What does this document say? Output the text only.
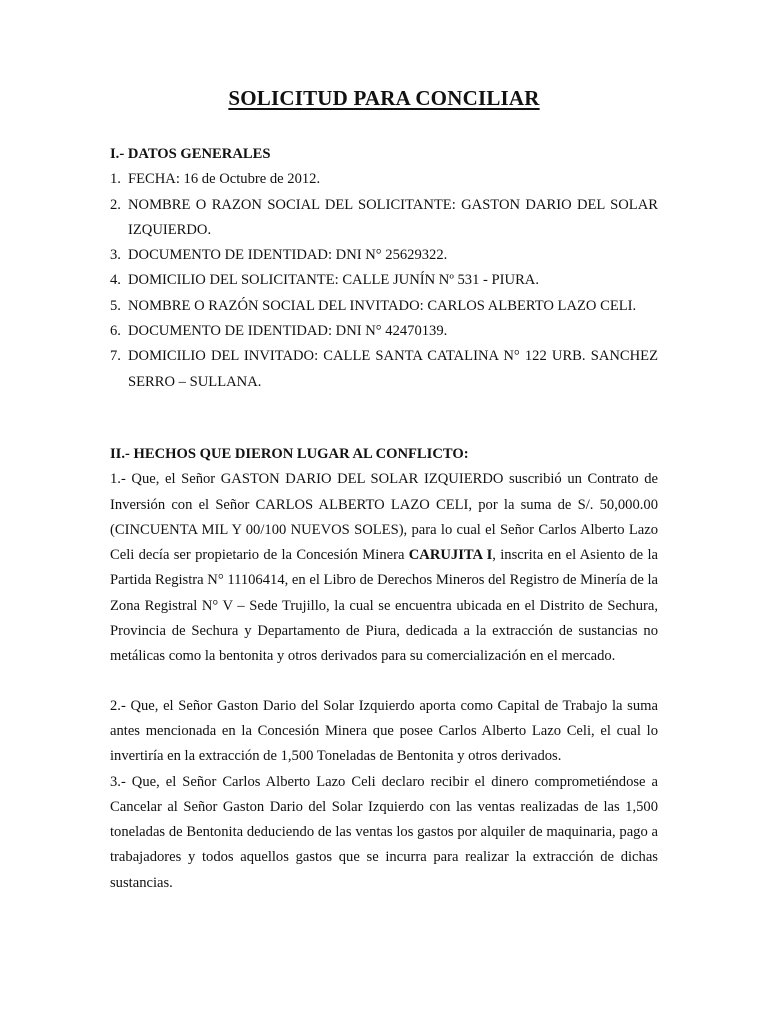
SOLICITUD PARA CONCILIAR

I.- DATOS GENERALES

1. FECHA: 16 de Octubre de 2012.
2. NOMBRE O RAZON SOCIAL DEL SOLICITANTE: GASTON DARIO DEL SOLAR IZQUIERDO.
3. DOCUMENTO DE IDENTIDAD: DNI N° 25629322.
4. DOMICILIO DEL SOLICITANTE: CALLE JUNÍN Nº 531 - PIURA.
5. NOMBRE O RAZÓN SOCIAL DEL INVITADO: CARLOS ALBERTO LAZO CELI.
6. DOCUMENTO DE IDENTIDAD: DNI N° 42470139.
7. DOMICILIO DEL INVITADO: CALLE SANTA CATALINA N° 122 URB. SANCHEZ SERRO – SULLANA.

II.- HECHOS QUE DIERON LUGAR AL CONFLICTO:

1.- Que, el Señor GASTON DARIO DEL SOLAR IZQUIERDO suscribió un Contrato de Inversión con el Señor CARLOS ALBERTO LAZO CELI, por la suma de S/. 50,000.00 (CINCUENTA MIL Y 00/100 NUEVOS SOLES), para lo cual el Señor Carlos Alberto Lazo Celi decía ser propietario de la Concesión Minera CARUJITA I, inscrita en el Asiento de la Partida Registra N° 11106414, en el Libro de Derechos Mineros del Registro de Minería de la Zona Registral N° V – Sede Trujillo, la cual se encuentra ubicada en el Distrito de Sechura, Provincia de Sechura y Departamento de Piura, dedicada a la extracción de sustancias no metálicas como la bentonita y otros derivados para su comercialización en el mercado.

2.- Que, el Señor Gaston Dario del Solar Izquierdo aporta como Capital de Trabajo la suma antes mencionada en la Concesión Minera que posee Carlos Alberto Lazo Celi, el cual lo invertiría en la extracción de 1,500 Toneladas de Bentonita y otros derivados.

3.- Que, el Señor Carlos Alberto Lazo Celi declaro recibir el dinero comprometiéndose a Cancelar al Señor Gaston Dario del Solar Izquierdo con las ventas realizadas de las 1,500 toneladas de Bentonita deduciendo de las ventas los gastos por alquiler de maquinaria, pago a trabajadores y todos aquellos gastos que se incurra para realizar la extracción de dichas sustancias.
